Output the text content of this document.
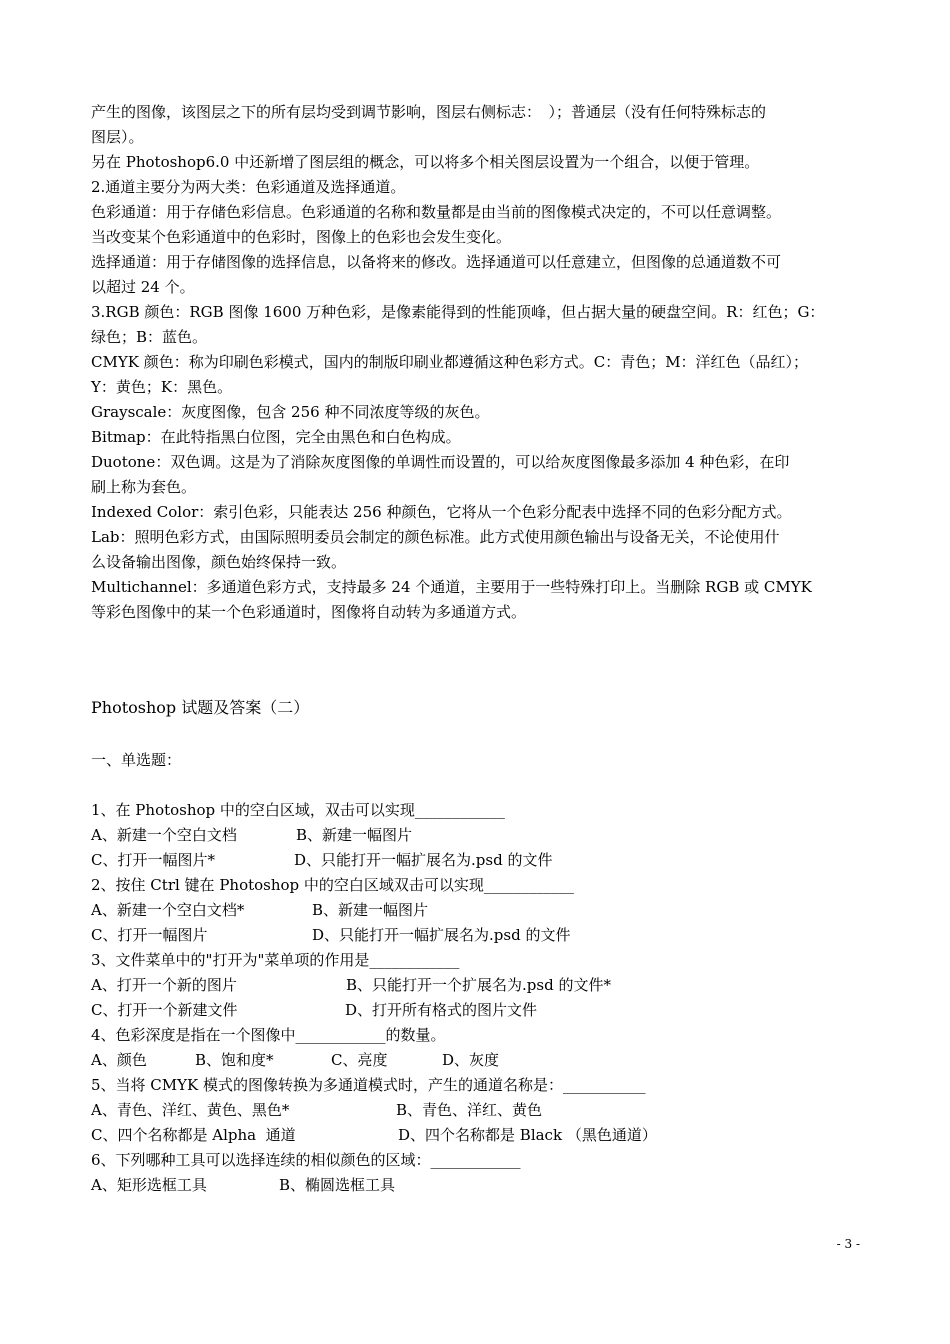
产生的图像，该图层之下的所有层均受到调节影响，图层右侧标志：　）；普通层（没有任何特殊标志的
图层）。
另在 Photoshop6.0 中还新增了图层组的概念，可以将多个相关图层设置为一个组合，以便于管理。
2.通道主要分为两大类：色彩通道及选择通道。
色彩通道：用于存储色彩信息。色彩通道的名称和数量都是由当前的图像模式决定的，不可以任意调整。
当改变某个色彩通道中的色彩时，图像上的色彩也会发生变化。
选择通道：用于存储图像的选择信息，以备将来的修改。选择通道可以任意建立，但图像的总通道数不可
以超过 24 个。
3.RGB 颜色：RGB 图像 1600 万种色彩，是像素能得到的性能顶峰，但占据大量的硬盘空间。R：红色；G：
绿色；B：蓝色。
CMYK 颜色：称为印刷色彩模式，国内的制版印刷业都遵循这种色彩方式。C：青色；M：洋红色（品红）；
Y：黄色；K：黑色。
Grayscale：灰度图像，包含 256 种不同浓度等级的灰色。
Bitmap：在此特指黑白位图，完全由黑色和白色构成。
Duotone：双色调。这是为了消除灰度图像的单调性而设置的，可以给灰度图像最多添加 4 种色彩，在印
刷上称为套色。
Indexed Color：索引色彩，只能表达 256 种颜色，它将从一个色彩分配表中选择不同的色彩分配方式。
Lab：照明色彩方式，由国际照明委员会制定的颜色标准。此方式使用颜色输出与设备无关，不论使用什
么设备输出图像，颜色始终保持一致。
Multichannel：多通道色彩方式，支持最多 24 个通道，主要用于一些特殊打印上。当删除 RGB 或 CMYK
等彩色图像中的某一个色彩通道时，图像将自动转为多通道方式。
Photoshop 试题及答案（二）
一、单选题：
1、在 Photoshop 中的空白区域，双击可以实现____________
A、新建一个空白文档	B、新建一幅图片
C、打开一幅图片*	D、只能打开一幅扩展名为.psd 的文件
2、按住 Ctrl 键在 Photoshop 中的空白区域双击可以实现____________
A、新建一个空白文档*	B、新建一幅图片
C、打开一幅图片	D、只能打开一幅扩展名为.psd 的文件
3、文件菜单中的"打开为"菜单项的作用是____________
A、打开一个新的图片	B、只能打开一个扩展名为.psd 的文件*
C、打开一个新建文件	D、打开所有格式的图片文件
4、色彩深度是指在一个图像中____________的数量。
A、颜色	B、饱和度*	C、亮度	D、灰度
5、当将 CMYK 模式的图像转换为多通道模式时，产生的通道名称是：___________
A、青色、洋红、黄色、黑色*	B、青色、洋红、黄色
C、四个名称都是 Alpha  通道	D、四个名称都是 Black （黑色通道）
6、下列哪种工具可以选择连续的相似颜色的区域：____________
A、矩形选框工具	B、椭圆选框工具
- 3 -
